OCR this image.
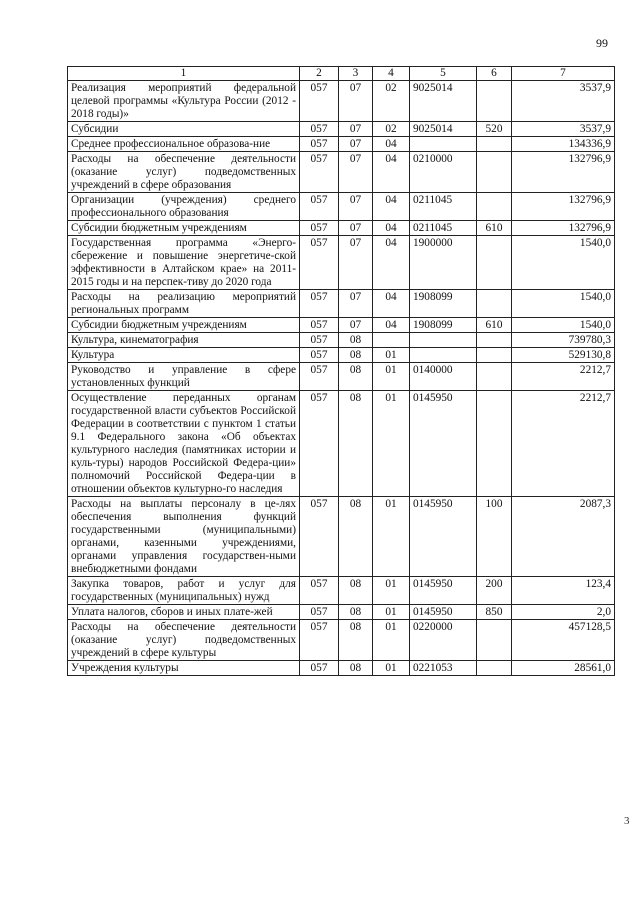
99
1	2	3	4	5	6	7
Реализация мероприятий федеральной целевой программы «Культура России (2012 - 2018 годы)»	057	07	02	9025014		3537,9
Субсидии	057	07	02	9025014	520	3537,9
Среднее профессиональное образова-ние	057	07	04			134336,9
Расходы на обеспечение деятельности (оказание услуг) подведомственных учреждений в сфере образования	057	07	04	0210000		132796,9
Организации (учреждения) среднего профессионального образования	057	07	04	0211045		132796,9
Субсидии бюджетным учреждениям	057	07	04	0211045	610	132796,9
Государственная программа «Энерго-сбережение и повышение энергетиче-ской эффективности в Алтайском крае» на 2011-2015 годы и на перспек-тиву до 2020 года	057	07	04	1900000		1540,0
Расходы на реализацию мероприятий региональных программ	057	07	04	1908099		1540,0
Субсидии бюджетным учреждениям	057	07	04	1908099	610	1540,0
Культура, кинематография	057	08				739780,3
Культура	057	08	01			529130,8
Руководство и управление в сфере установленных функций	057	08	01	0140000		2212,7
Осуществление переданных органам государственной власти субъектов Российской Федерации в соответствии с пунктом 1 статьи 9.1 Федерального закона «Об объектах культурного наследия (памятниках истории и куль-туры) народов Российской Федера-ции» полномочий Российской Федера-ции в отношении объектов культурно-го наследия	057	08	01	0145950		2212,7
Расходы на выплаты персоналу в це-лях обеспечения выполнения функций государственными (муниципальными) органами, казенными учреждениями, органами управления государствен-ными внебюджетными фондами	057	08	01	0145950	100	2087,3
Закупка товаров, работ и услуг для государственных (муниципальных) нужд	057	08	01	0145950	200	123,4
Уплата налогов, сборов и иных плате-жей	057	08	01	0145950	850	2,0
Расходы на обеспечение деятельности (оказание услуг) подведомственных учреждений в сфере культуры	057	08	01	0220000		457128,5
Учреждения культуры	057	08	01	0221053		28561,0
3
